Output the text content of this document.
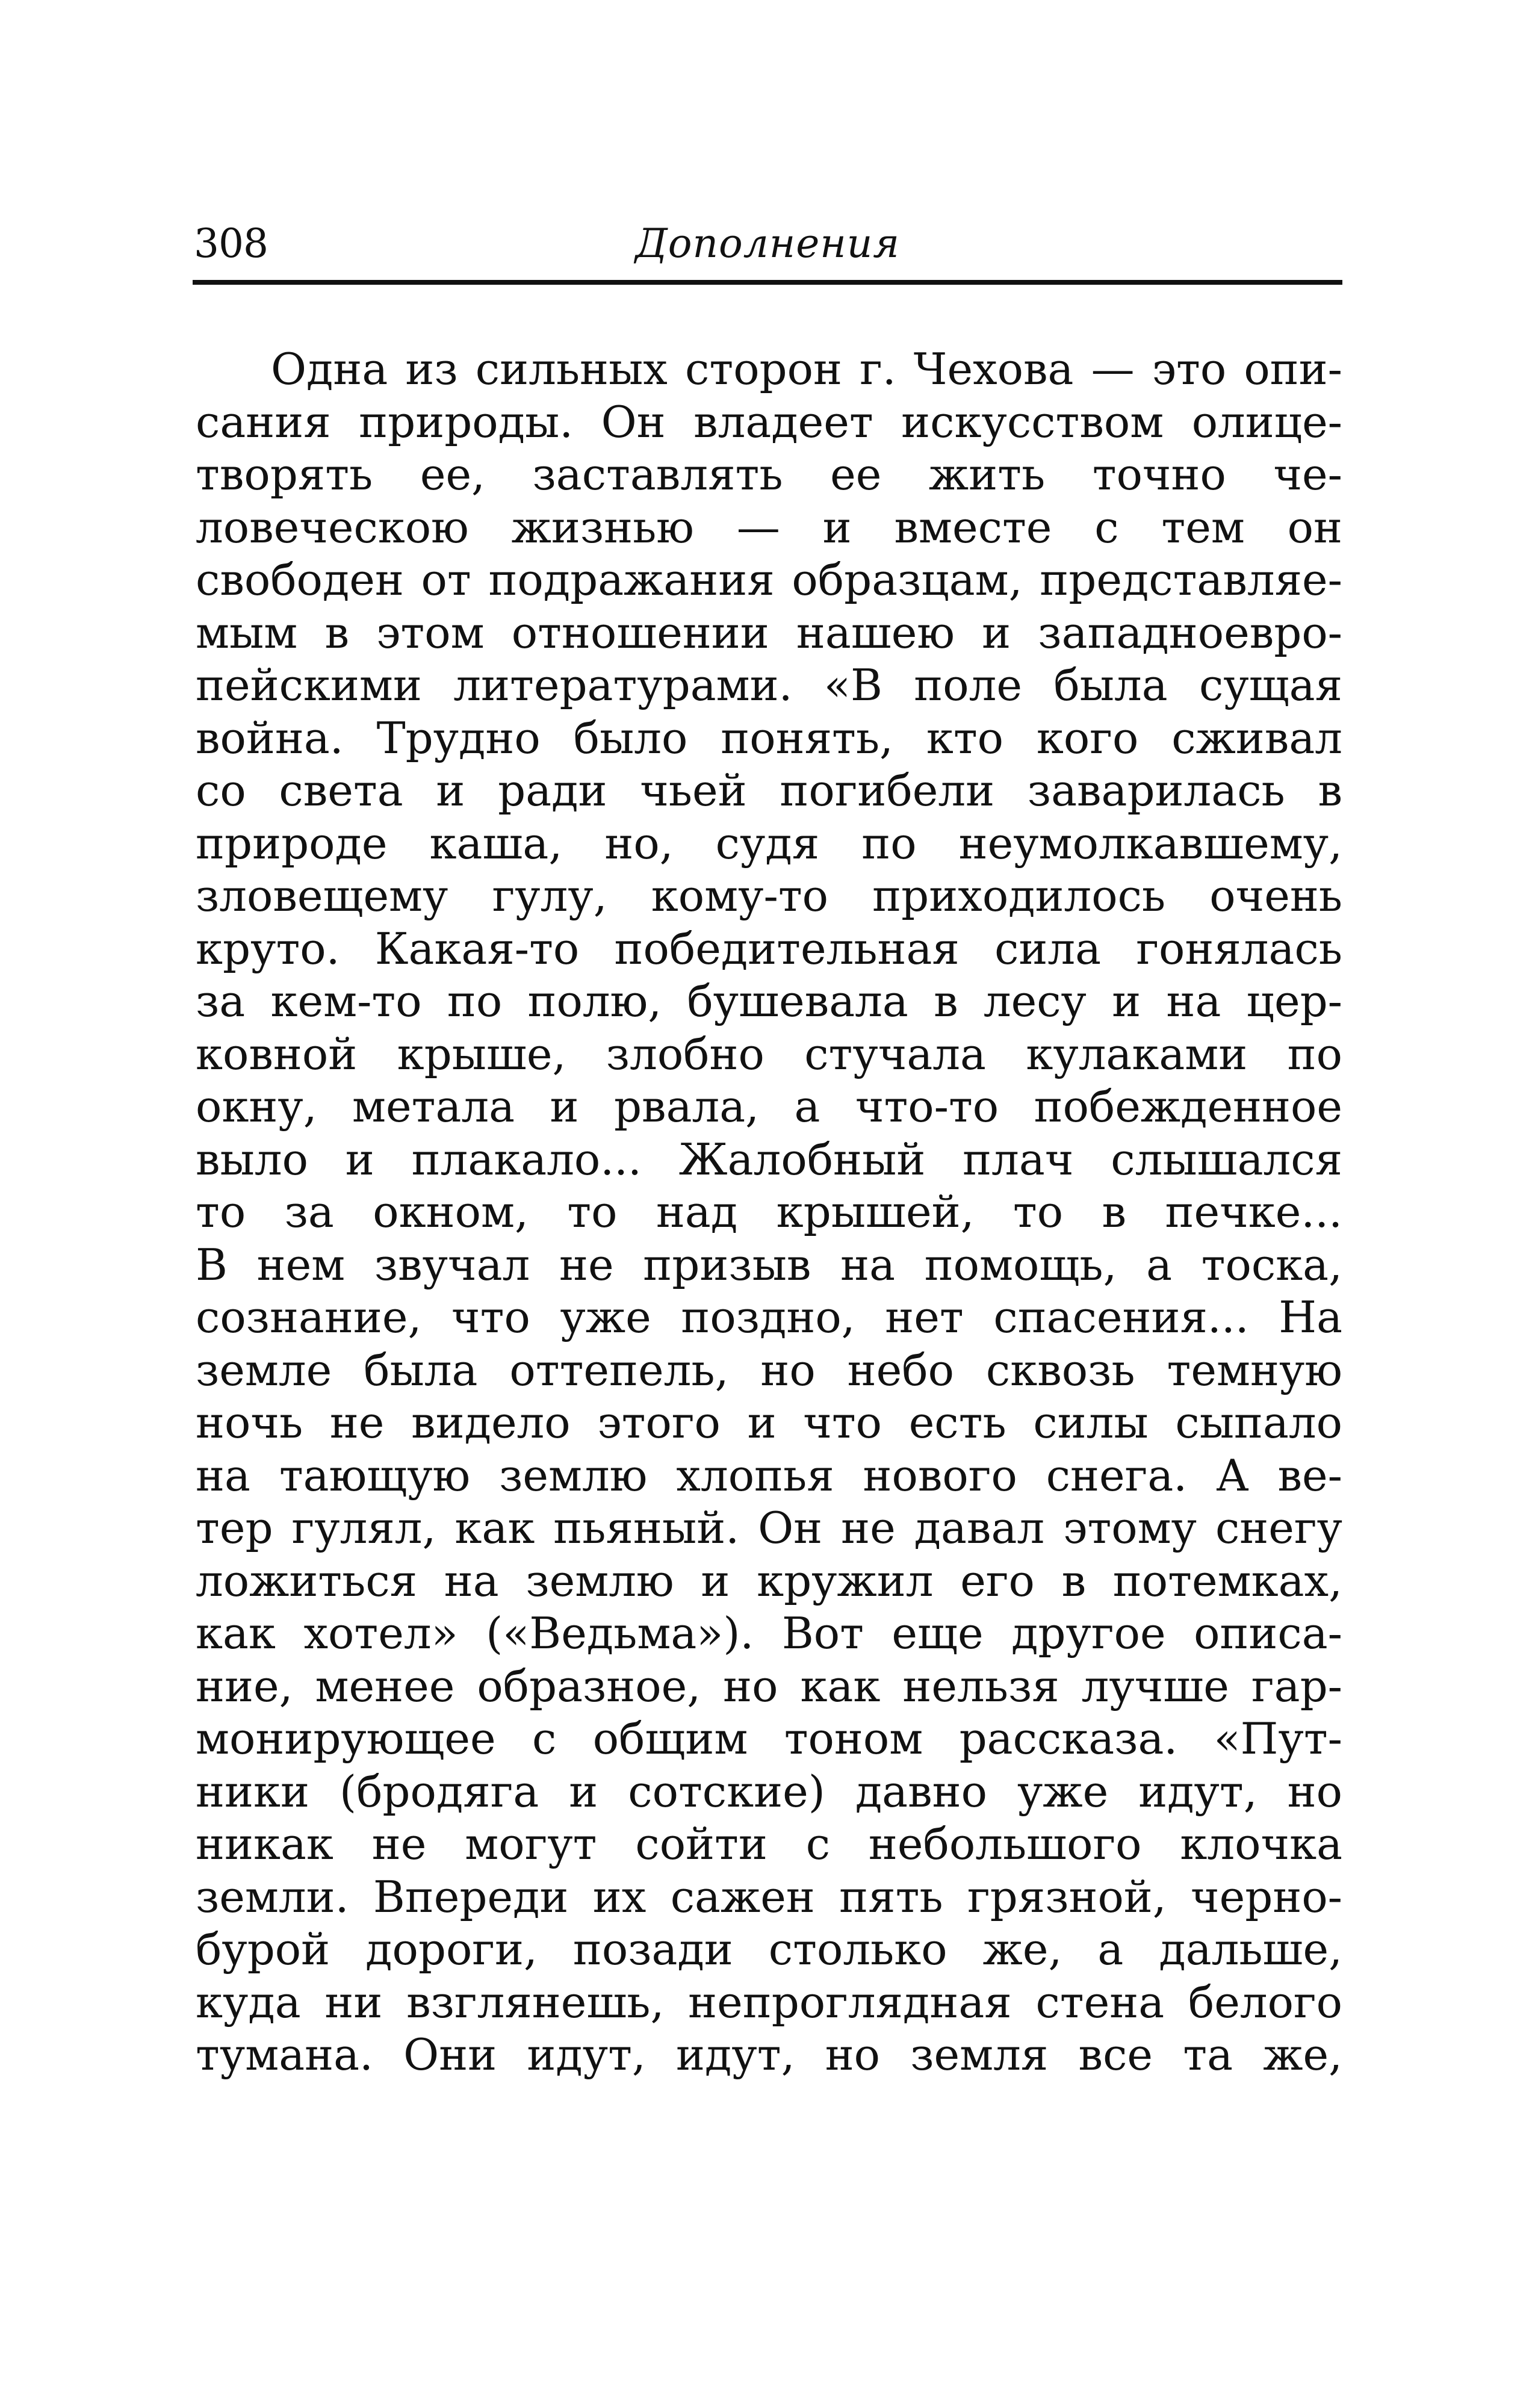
Дополнения
308
Одна из сильных сторон г. Чехова — это опи-
сания природы. Он владеет искусством олице-
творять ее, заставлять ее жить точно че-
ловеческою жизнью — и вместе с тем он
свободен от подражания образцам, представляе-
мым в этом отношении нашею и западноевро-
пейскими литературами. «В поле была сущая
война. Трудно было понять, кто кого сживал
со света и ради чьей погибели заварилась в
природе каша, но, судя по неумолкавшему,
зловещему гулу, кому-то приходилось очень
круто. Какая-то победительная сила гонялась
за кем-то по полю, бушевала в лесу и на цер-
ковной крыше, злобно стучала кулаками по
окну, метала и рвала, а что-то побежденное
выло и плакало... Жалобный плач слышался
то за окном, то над крышей, то в печке...
В нем звучал не призыв на помощь, а тоска,
сознание, что уже поздно, нет спасения... На
земле была оттепель, но небо сквозь темную
ночь не видело этого и что есть силы сыпало
на тающую землю хлопья нового снега. А ве-
тер гулял, как пьяный. Он не давал этому снегу
ложиться на землю и кружил его в потемках,
как хотел» («Ведьма»). Вот еще другое описа-
ние, менее образное, но как нельзя лучше гар-
монирующее с общим тоном рассказа. «Пут-
ники (бродяга и сотские) давно уже идут, но
никак не могут сойти с небольшого клочка
земли. Впереди их сажен пять грязной, черно-
бурой дороги, позади столько же, а дальше,
куда ни взглянешь, непроглядная стена белого
тумана. Они идут, идут, но земля все та же,
